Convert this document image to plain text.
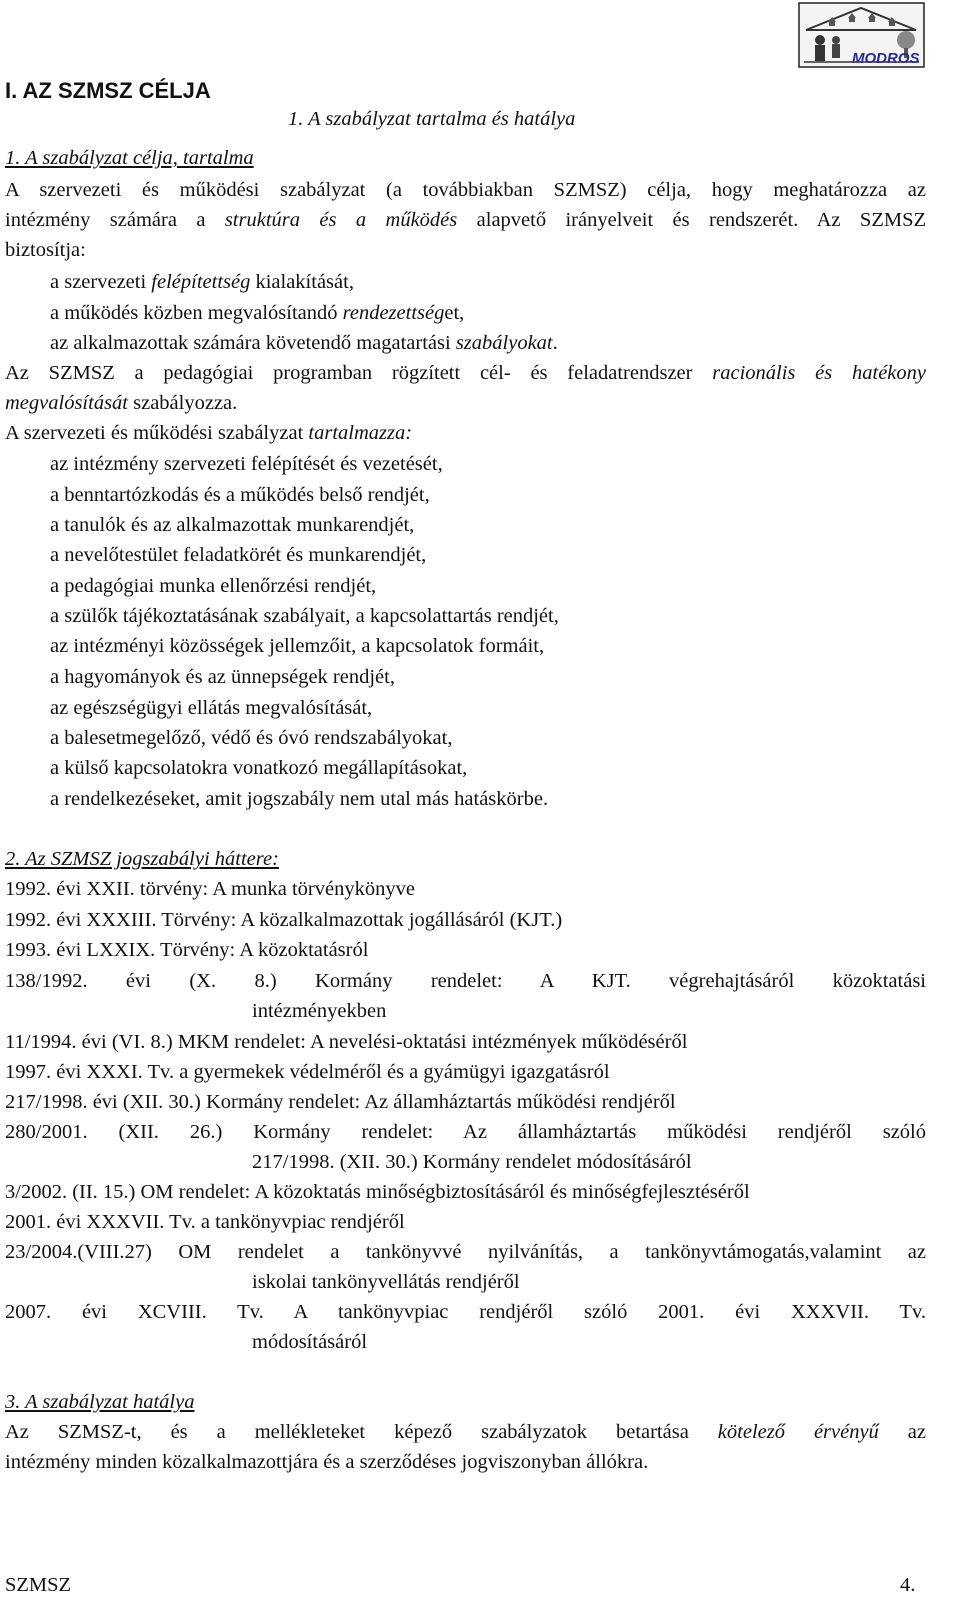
MODROS
I. AZ SZMSZ CÉLJA
1. A szabályzat tartalma és hatálya
1. A szabályzat célja, tartalma
A szervezeti és működési szabályzat (a továbbiakban SZMSZ) célja, hogy meghatározza az
intézmény számára a struktúra és a működés alapvető irányelveit és rendszerét. Az SZMSZ
biztosítja:
a szervezeti felépítettség kialakítását,
a működés közben megvalósítandó rendezettséget,
az alkalmazottak számára követendő magatartási szabályokat.
Az SZMSZ a pedagógiai programban rögzített cél- és feladatrendszer racionális és hatékony
megvalósítását szabályozza.
A szervezeti és működési szabályzat tartalmazza:
az intézmény szervezeti felépítését és vezetését,
a benntartózkodás és a működés belső rendjét,
a tanulók és az alkalmazottak munkarendjét,
a nevelőtestület feladatkörét és munkarendjét,
a pedagógiai munka ellenőrzési rendjét,
a szülők tájékoztatásának szabályait, a kapcsolattartás rendjét,
az intézményi közösségek jellemzőit, a kapcsolatok formáit,
a hagyományok és az ünnepségek rendjét,
az egészségügyi ellátás megvalósítását,
a balesetmegelőző, védő és óvó rendszabályokat,
a külső kapcsolatokra vonatkozó megállapításokat,
a rendelkezéseket, amit jogszabály nem utal más hatáskörbe.
2. Az SZMSZ jogszabályi háttere:
1992. évi XXII. törvény: A munka törvénykönyve
1992. évi XXXIII. Törvény: A közalkalmazottak jogállásáról (KJT.)
1993. évi LXXIX. Törvény: A közoktatásról
138/1992. évi (X. 8.) Kormány rendelet: A KJT. végrehajtásáról közoktatási
intézményekben
11/1994. évi (VI. 8.) MKM rendelet: A nevelési-oktatási intézmények működéséről
1997. évi XXXI. Tv. a gyermekek védelméről és a gyámügyi igazgatásról
217/1998. évi (XII. 30.) Kormány rendelet: Az államháztartás működési rendjéről
280/2001. (XII. 26.) Kormány rendelet: Az államháztartás működési rendjéről szóló
217/1998. (XII. 30.) Kormány rendelet módosításáról
3/2002. (II. 15.) OM rendelet: A közoktatás minőségbiztosításáról és minőségfejlesztéséről
2001. évi XXXVII. Tv. a tankönyvpiac rendjéről
23/2004.(VIII.27) OM rendelet a tankönyvvé nyilvánítás, a tankönyvtámogatás,valamint az
iskolai tankönyvellátás rendjéről
2007. évi XCVIII. Tv. A tankönyvpiac rendjéről szóló 2001. évi XXXVII. Tv.
módosításáról
3. A szabályzat hatálya
Az SZMSZ-t, és a mellékleteket képező szabályzatok betartása kötelező érvényű az
intézmény minden közalkalmazottjára és a szerződéses jogviszonyban állókra.
SZMSZ	4.
